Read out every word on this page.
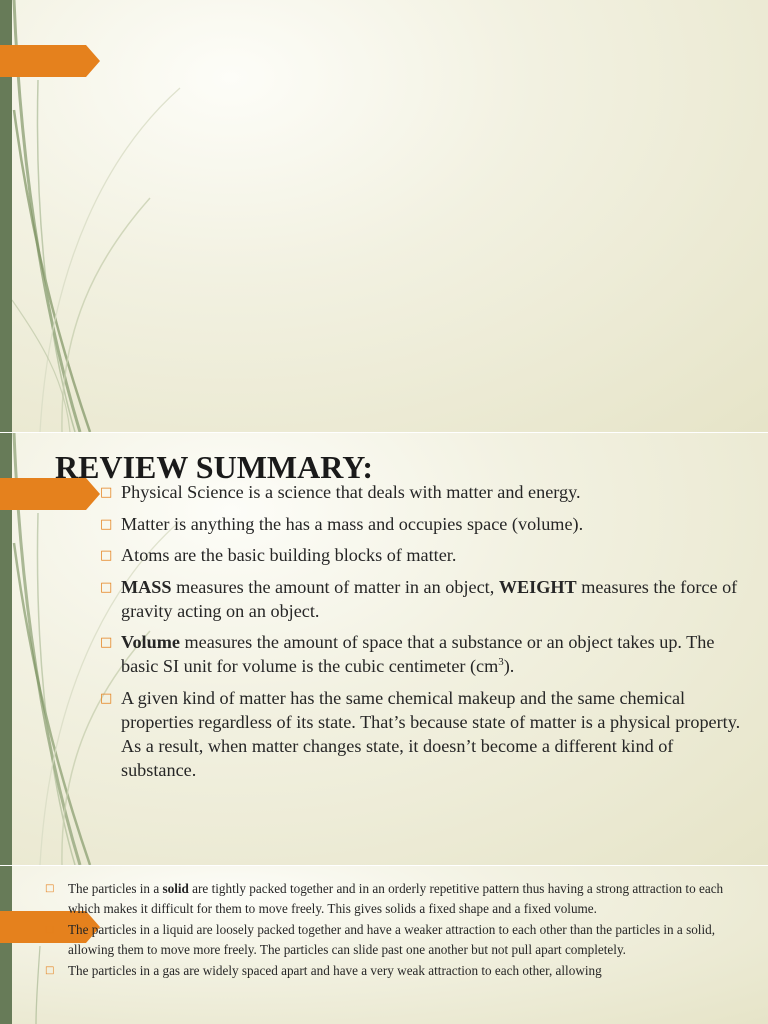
REVIEW SUMMARY:
□ Physical Science is a science that deals with matter and energy.
□ Matter is anything the has a mass and occupies space (volume).
□ Atoms are the basic building blocks of matter.
□ MASS measures the amount of matter in an object, WEIGHT measures the force of gravity acting on an object.
□ Volume measures the amount of space that a substance or an object takes up. The basic SI unit for volume is the cubic centimeter $(cm^3)$.
□ A given kind of matter has the same chemical makeup and the same chemical properties regardless of its state. That’s because state of matter is a physical property. As a result, when matter changes state, it doesn’t become a different kind of substance.
□ The particles in a solid are tightly packed together and in an orderly repetitive pattern thus having a strong attraction to each which makes it difficult for them to move freely. This gives solids a fixed shape and a fixed volume.
□ The particles in a liquid are loosely packed together and have a weaker attraction to each other than the particles in a solid, allowing them to move more freely. The particles can slide past one another but not pull apart completely.
□ The particles in a gas are widely spaced apart and have a very weak attraction to each other, allowing
